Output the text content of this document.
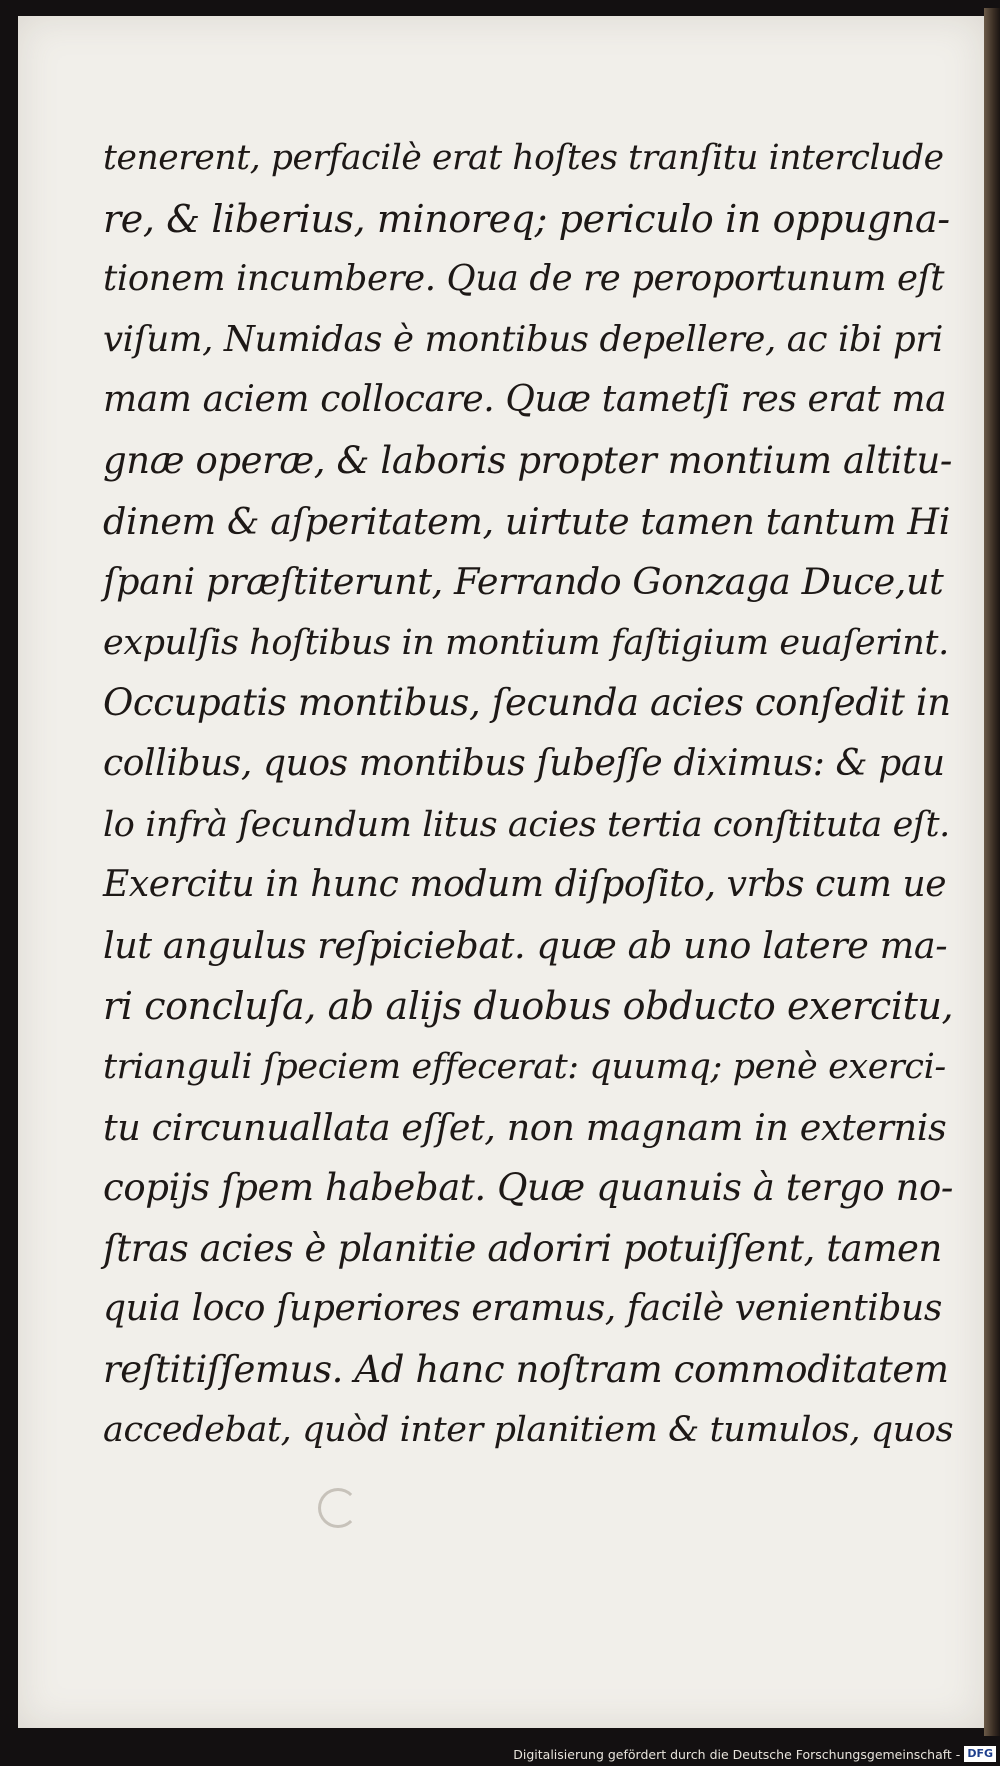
tenerent, perfacilè erat hoſtes tranſitu interclude
re, & liberius, minoreq; periculo in oppugna-
tionem incumbere. Qua de re peroportunum eſt
viſum, Numidas è montibus depellere, ac ibi pri
mam aciem collocare. Quæ tametſi res erat ma
gnæ operæ, & laboris propter montium altitu-
dinem & aſperitatem, uirtute tamen tantum Hi
ſpani præſtiterunt, Ferrando Gonzaga Duce,ut
expulſis hoſtibus in montium faſtigium euaſerint.
Occupatis montibus, ſecunda acies conſedit in
collibus, quos montibus ſubeſſe diximus: & pau
lo infrà ſecundum litus acies tertia conſtituta eſt.
Exercitu in hunc modum diſpoſito, vrbs cum ue
lut angulus reſpiciebat. quæ ab uno latere ma-
ri concluſa, ab alijs duobus obducto exercitu,
trianguli ſpeciem effecerat: quumq; penè exerci-
tu circunuallata eſſet, non magnam in externis
copijs ſpem habebat. Quæ quanuis à tergo no-
ſtras acies è planitie adoriri potuiſſent, tamen
quia loco ſuperiores eramus, facilè venientibus
reſtitiſſemus. Ad hanc noſtram commoditatem
accedebat, quòd inter planitiem & tumulos, quos
Digitalisierung gefördert durch die Deutsche Forschungsgemeinschaft - DFG
